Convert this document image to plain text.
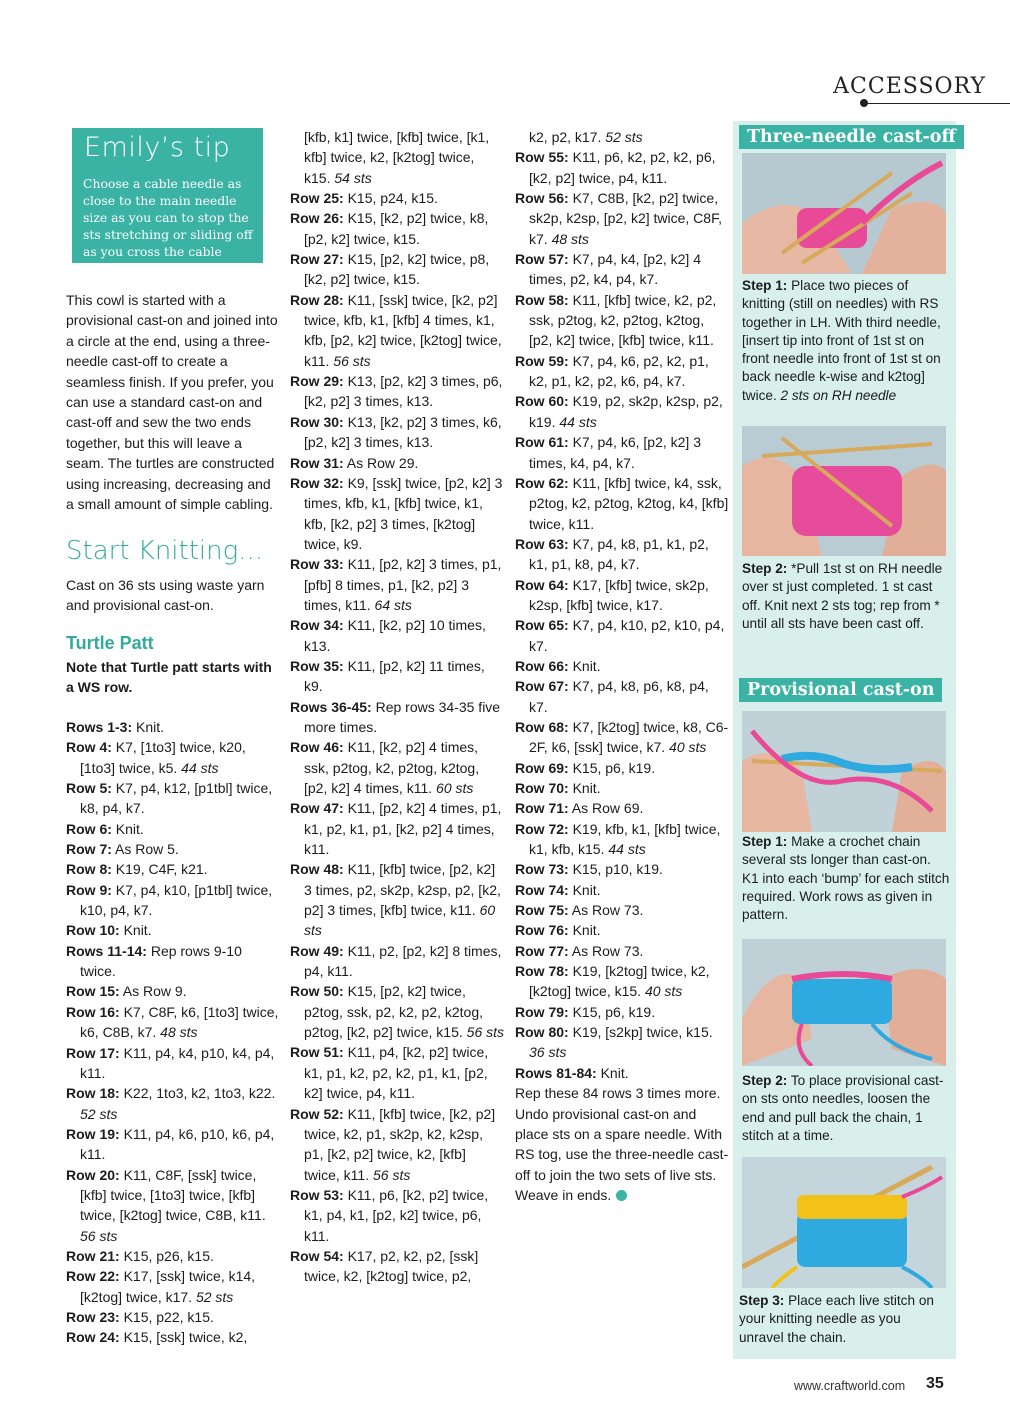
ACCESSORY
Emily’s tip
Choose a cable needle as close to the main needle size as you can to stop the sts stretching or sliding off as you cross the cable

This cowl is started with a provisional cast-on and joined into a circle at the end, using a three-needle cast-off to create a seamless finish. If you prefer, you can use a standard cast-on and cast-off and sew the two ends together, but this will leave a seam. The turtles are constructed using increasing, decreasing and a small amount of simple cabling.

Start Knitting...

Cast on 36 sts using waste yarn and provisional cast-on.

Turtle Patt
Note that Turtle patt starts with a WS row.

Rows 1-3: Knit.

Row 4: K7, [1to3] twice, k20, [1to3] twice, k5. 44 sts

Row 5: K7, p4, k12, [p1tbl] twice, k8, p4, k7.

Row 6: Knit.

Row 7: As Row 5.

Row 8: K19, C4F, k21.

Row 9: K7, p4, k10, [p1tbl] twice, k10, p4, k7.

Row 10: Knit.

Rows 11-14: Rep rows 9-10 twice.

Row 15: As Row 9.

Row 16: K7, C8F, k6, [1to3] twice, k6, C8B, k7. 48 sts

Row 17: K11, p4, k4, p10, k4, p4, k11.

Row 18: K22, 1to3, k2, 1to3, k22. 52 sts

Row 19: K11, p4, k6, p10, k6, p4, k11.

Row 20: K11, C8F, [ssk] twice, [kfb] twice, [1to3] twice, [kfb] twice, [k2tog] twice, C8B, k11. 56 sts

Row 21: K15, p26, k15.

Row 22: K17, [ssk] twice, k14, [k2tog] twice, k17. 52 sts

Row 23: K15, p22, k15.

Row 24: K15, [ssk] twice, k2,

[kfb, k1] twice, [kfb] twice, [k1, kfb] twice, k2, [k2tog] twice, k15. 54 sts

Row 25: K15, p24, k15.

Row 26: K15, [k2, p2] twice, k8, [p2, k2] twice, k15.

Row 27: K15, [p2, k2] twice, p8, [k2, p2] twice, k15.

Row 28: K11, [ssk] twice, [k2, p2] twice, kfb, k1, [kfb] 4 times, k1, kfb, [p2, k2] twice, [k2tog] twice, k11. 56 sts

Row 29: K13, [p2, k2] 3 times, p6, [k2, p2] 3 times, k13.

Row 30: K13, [k2, p2] 3 times, k6, [p2, k2] 3 times, k13.

Row 31: As Row 29.

Row 32: K9, [ssk] twice, [p2, k2] 3 times, kfb, k1, [kfb] twice, k1, kfb, [k2, p2] 3 times, [k2tog] twice, k9.

Row 33: K11, [p2, k2] 3 times, p1, [pfb] 8 times, p1, [k2, p2] 3 times, k11. 64 sts

Row 34: K11, [k2, p2] 10 times, k13.

Row 35: K11, [p2, k2] 11 times, k9.

Rows 36-45: Rep rows 34-35 five more times.

Row 46: K11, [k2, p2] 4 times, ssk, p2tog, k2, p2tog, k2tog, [p2, k2] 4 times, k11. 60 sts

Row 47: K11, [p2, k2] 4 times, p1, k1, p2, k1, p1, [k2, p2] 4 times, k11.

Row 48: K11, [kfb] twice, [p2, k2] 3 times, p2, sk2p, k2sp, p2, [k2, p2] 3 times, [kfb] twice, k11. 60 sts

Row 49: K11, p2, [p2, k2] 8 times, p4, k11.

Row 50: K15, [p2, k2] twice, p2tog, ssk, p2, k2, p2, k2tog, p2tog, [k2, p2] twice, k15. 56 sts

Row 51: K11, p4, [k2, p2] twice, k1, p1, k2, p2, k2, p1, k1, [p2, k2] twice, p4, k11.

Row 52: K11, [kfb] twice, [k2, p2] twice, k2, p1, sk2p, k2, k2sp, p1, [k2, p2] twice, k2, [kfb] twice, k11. 56 sts

Row 53: K11, p6, [k2, p2] twice, k1, p4, k1, [p2, k2] twice, p6, k11.

Row 54: K17, p2, k2, p2, [ssk] twice, k2, [k2tog] twice, p2,

k2, p2, k17. 52 sts

Row 55: K11, p6, k2, p2, k2, p6, [k2, p2] twice, p4, k11.

Row 56: K7, C8B, [k2, p2] twice, sk2p, k2sp, [p2, k2] twice, C8F, k7. 48 sts

Row 57: K7, p4, k4, [p2, k2] 4 times, p2, k4, p4, k7.

Row 58: K11, [kfb] twice, k2, p2, ssk, p2tog, k2, p2tog, k2tog, [p2, k2] twice, [kfb] twice, k11.

Row 59: K7, p4, k6, p2, k2, p1, k2, p1, k2, p2, k6, p4, k7.

Row 60: K19, p2, sk2p, k2sp, p2, k19. 44 sts

Row 61: K7, p4, k6, [p2, k2] 3 times, k4, p4, k7.

Row 62: K11, [kfb] twice, k4, ssk, p2tog, k2, p2tog, k2tog, k4, [kfb] twice, k11.

Row 63: K7, p4, k8, p1, k1, p2, k1, p1, k8, p4, k7.

Row 64: K17, [kfb] twice, sk2p, k2sp, [kfb] twice, k17.

Row 65: K7, p4, k10, p2, k10, p4, k7.

Row 66: Knit.

Row 67: K7, p4, k8, p6, k8, p4, k7.

Row 68: K7, [k2tog] twice, k8, C6-2F, k6, [ssk] twice, k7. 40 sts

Row 69: K15, p6, k19.

Row 70: Knit.

Row 71: As Row 69.

Row 72: K19, kfb, k1, [kfb] twice, k1, kfb, k15. 44 sts

Row 73: K15, p10, k19.

Row 74: Knit.

Row 75: As Row 73.

Row 76: Knit.

Row 77: As Row 73.

Row 78: K19, [k2tog] twice, k2, [k2tog] twice, k15. 40 sts

Row 79: K15, p6, k19.

Row 80: K19, [s2kp] twice, k15. 36 sts

Rows 81-84: Knit.

Rep these 84 rows 3 times more.

Undo provisional cast-on and place sts on a spare needle. With RS tog, use the three-needle cast-off to join the two sets of live sts. Weave in ends.

Three-needle cast-off
Step 1: Place two pieces of knitting (still on needles) with RS together in LH. With third needle, [insert tip into front of 1st st on front needle into front of 1st st on back needle k-wise and k2tog] twice. 2 sts on RH needle
Step 2: *Pull 1st st on RH needle over st just completed. 1 st cast off. Knit next 2 sts tog; rep from * until all sts have been cast off.
Provisional cast-on
Step 1: Make a crochet chain several sts longer than cast-on. K1 into each ‘bump’ for each stitch required. Work rows as given in pattern.
Step 2: To place provisional cast-on sts onto needles, loosen the end and pull back the chain, 1 stitch at a time.
Step 3: Place each live stitch on your knitting needle as you unravel the chain.
www.craftworld.com 35
